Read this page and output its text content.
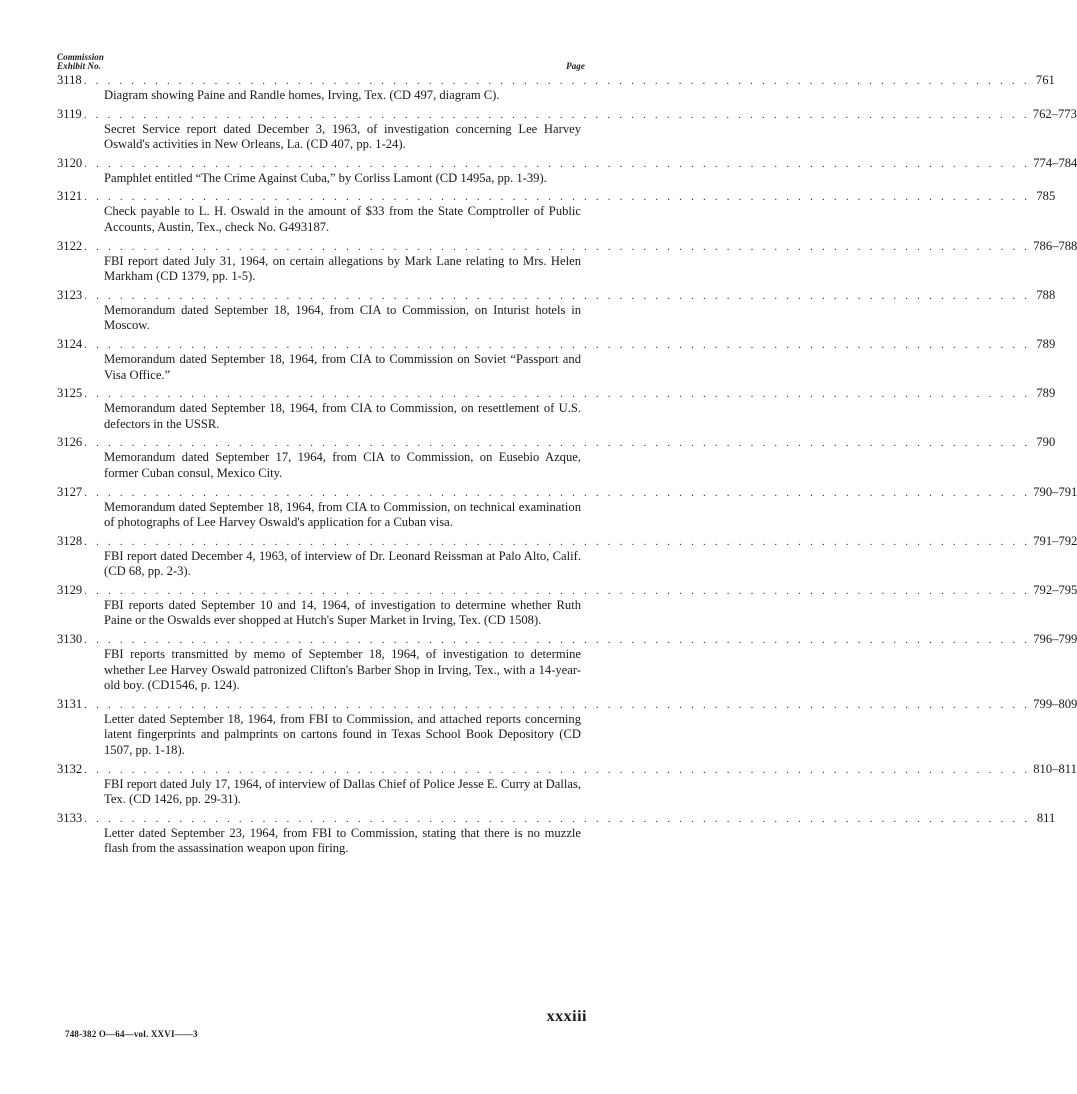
Commission
Exhibit No.	Page
3118 . . . . . . . . . . . . . . . . . . . . . . . . . . . . . . . . . . . . . . . . . . . . . . . . . . . . . . . . . . . . . . . . . . . . . . . . . . . . . . . . 761
Diagram showing Paine and Randle homes, Irving, Tex. (CD 497, diagram C).
3119 . . . . . . . . . . . . . . . . . . . . . . . . . . . . . . . . . . . . . . . . . . . . . . . . . . . . . . . . . . . . . . . . . . . . . . . . . . . . . . . . 762–773
Secret Service report dated December 3, 1963, of investigation concerning Lee Harvey Oswald's activities in New Orleans, La. (CD 407, pp. 1-24).
3120 . . . . . . . . . . . . . . . . . . . . . . . . . . . . . . . . . . . . . . . . . . . . . . . . . . . . . . . . . . . . . . . . . . . . . . . . . . . . . . . . 774–784
Pamphlet entitled “The Crime Against Cuba,” by Corliss Lamont (CD 1495a, pp. 1-39).
3121 . . . . . . . . . . . . . . . . . . . . . . . . . . . . . . . . . . . . . . . . . . . . . . . . . . . . . . . . . . . . . . . . . . . . . . . . . . . . . . . . 785
Check payable to L. H. Oswald in the amount of $33 from the State Comptroller of Public Accounts, Austin, Tex., check No. G493187.
3122 . . . . . . . . . . . . . . . . . . . . . . . . . . . . . . . . . . . . . . . . . . . . . . . . . . . . . . . . . . . . . . . . . . . . . . . . . . . . . . . . 786–788
FBI report dated July 31, 1964, on certain allegations by Mark Lane relating to Mrs. Helen Markham (CD 1379, pp. 1-5).
3123 . . . . . . . . . . . . . . . . . . . . . . . . . . . . . . . . . . . . . . . . . . . . . . . . . . . . . . . . . . . . . . . . . . . . . . . . . . . . . . . . 788
Memorandum dated September 18, 1964, from CIA to Commission, on Inturist hotels in Moscow.
3124 . . . . . . . . . . . . . . . . . . . . . . . . . . . . . . . . . . . . . . . . . . . . . . . . . . . . . . . . . . . . . . . . . . . . . . . . . . . . . . . . 789
Memorandum dated September 18, 1964, from CIA to Commission on Soviet “Passport and Visa Office.”
3125 . . . . . . . . . . . . . . . . . . . . . . . . . . . . . . . . . . . . . . . . . . . . . . . . . . . . . . . . . . . . . . . . . . . . . . . . . . . . . . . . 789
Memorandum dated September 18, 1964, from CIA to Commission, on resettlement of U.S. defectors in the USSR.
3126 . . . . . . . . . . . . . . . . . . . . . . . . . . . . . . . . . . . . . . . . . . . . . . . . . . . . . . . . . . . . . . . . . . . . . . . . . . . . . . . . 790
Memorandum dated September 17, 1964, from CIA to Commission, on Eusebio Azque, former Cuban consul, Mexico City.
3127 . . . . . . . . . . . . . . . . . . . . . . . . . . . . . . . . . . . . . . . . . . . . . . . . . . . . . . . . . . . . . . . . . . . . . . . . . . . . . . . . 790–791
Memorandum dated September 18, 1964, from CIA to Commission, on technical examination of photographs of Lee Harvey Oswald's application for a Cuban visa.
3128 . . . . . . . . . . . . . . . . . . . . . . . . . . . . . . . . . . . . . . . . . . . . . . . . . . . . . . . . . . . . . . . . . . . . . . . . . . . . . . . . 791–792
FBI report dated December 4, 1963, of interview of Dr. Leonard Reissman at Palo Alto, Calif. (CD 68, pp. 2-3).
3129 . . . . . . . . . . . . . . . . . . . . . . . . . . . . . . . . . . . . . . . . . . . . . . . . . . . . . . . . . . . . . . . . . . . . . . . . . . . . . . . . 792–795
FBI reports dated September 10 and 14, 1964, of investigation to determine whether Ruth Paine or the Oswalds ever shopped at Hutch's Super Market in Irving, Tex. (CD 1508).
3130 . . . . . . . . . . . . . . . . . . . . . . . . . . . . . . . . . . . . . . . . . . . . . . . . . . . . . . . . . . . . . . . . . . . . . . . . . . . . . . . . 796–799
FBI reports transmitted by memo of September 18, 1964, of investigation to determine whether Lee Harvey Oswald patronized Clifton's Barber Shop in Irving, Tex., with a 14-year-old boy. (CD1546, p. 124).
3131 . . . . . . . . . . . . . . . . . . . . . . . . . . . . . . . . . . . . . . . . . . . . . . . . . . . . . . . . . . . . . . . . . . . . . . . . . . . . . . . . 799–809
Letter dated September 18, 1964, from FBI to Commission, and attached reports concerning latent fingerprints and palmprints on cartons found in Texas School Book Depository (CD 1507, pp. 1-18).
3132 . . . . . . . . . . . . . . . . . . . . . . . . . . . . . . . . . . . . . . . . . . . . . . . . . . . . . . . . . . . . . . . . . . . . . . . . . . . . . . . . 810–811
FBI report dated July 17, 1964, of interview of Dallas Chief of Police Jesse E. Curry at Dallas, Tex. (CD 1426, pp. 29-31).
3133 . . . . . . . . . . . . . . . . . . . . . . . . . . . . . . . . . . . . . . . . . . . . . . . . . . . . . . . . . . . . . . . . . . . . . . . . . . . . . . . . 811
Letter dated September 23, 1964, from FBI to Commission, stating that there is no muzzle flash from the assassination weapon upon firing.
748-382 O—64—vol. XXVI——3
xxxiii
